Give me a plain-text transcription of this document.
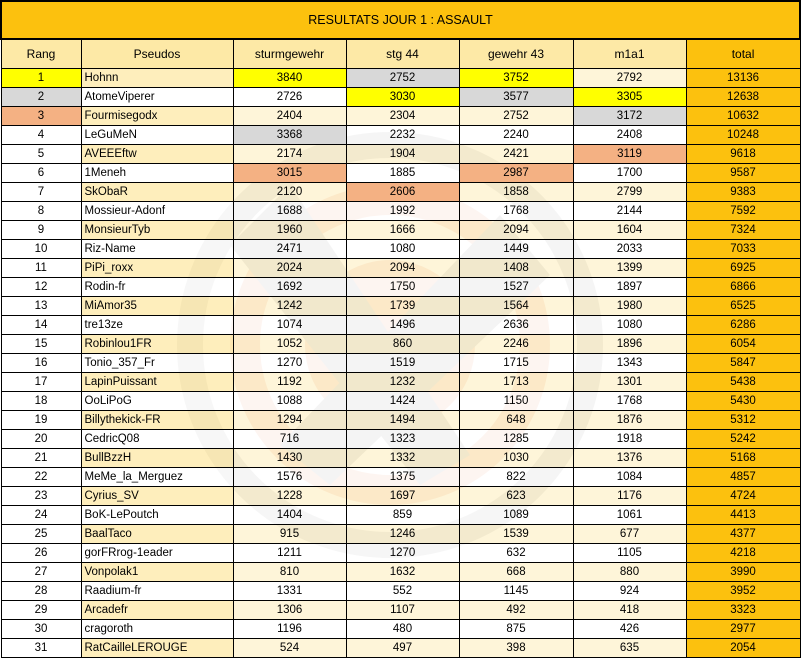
RESULTATS JOUR 1 : ASSAULT						
Rang	Pseudos	sturmgewehr	stg 44	gewehr 43	m1a1	total
1	Hohnn	3840	2752	3752	2792	13136
2	AtomeViperer	2726	3030	3577	3305	12638
3	Fourmisegodx	2404	2304	2752	3172	10632
4	LeGuMeN	3368	2232	2240	2408	10248
5	AVEEEftw	2174	1904	2421	3119	9618
6	1Meneh	3015	1885	2987	1700	9587
7	SkObaR	2120	2606	1858	2799	9383
8	Mossieur-Adonf	1688	1992	1768	2144	7592
9	MonsieurTyb	1960	1666	2094	1604	7324
10	Riz-Name	2471	1080	1449	2033	7033
11	PiPi_roxx	2024	2094	1408	1399	6925
12	Rodin-fr	1692	1750	1527	1897	6866
13	MiAmor35	1242	1739	1564	1980	6525
14	tre13ze	1074	1496	2636	1080	6286
15	Robinlou1FR	1052	860	2246	1896	6054
16	Tonio_357_Fr	1270	1519	1715	1343	5847
17	LapinPuissant	1192	1232	1713	1301	5438
18	OoLiPoG	1088	1424	1150	1768	5430
19	Billythekick-FR	1294	1494	648	1876	5312
20	CedricQ08	716	1323	1285	1918	5242
21	BullBzzH	1430	1332	1030	1376	5168
22	MeMe_la_Merguez	1576	1375	822	1084	4857
23	Cyrius_SV	1228	1697	623	1176	4724
24	BoK-LePoutch	1404	859	1089	1061	4413
25	BaalTaco	915	1246	1539	677	4377
26	gorFRrog-1eader	1211	1270	632	1105	4218
27	Vonpolak1	810	1632	668	880	3990
28	Raadium-fr	1331	552	1145	924	3952
29	Arcadefr	1306	1107	492	418	3323
30	cragoroth	1196	480	875	426	2977
31	RatCailleLEROUGE	524	497	398	635	2054
